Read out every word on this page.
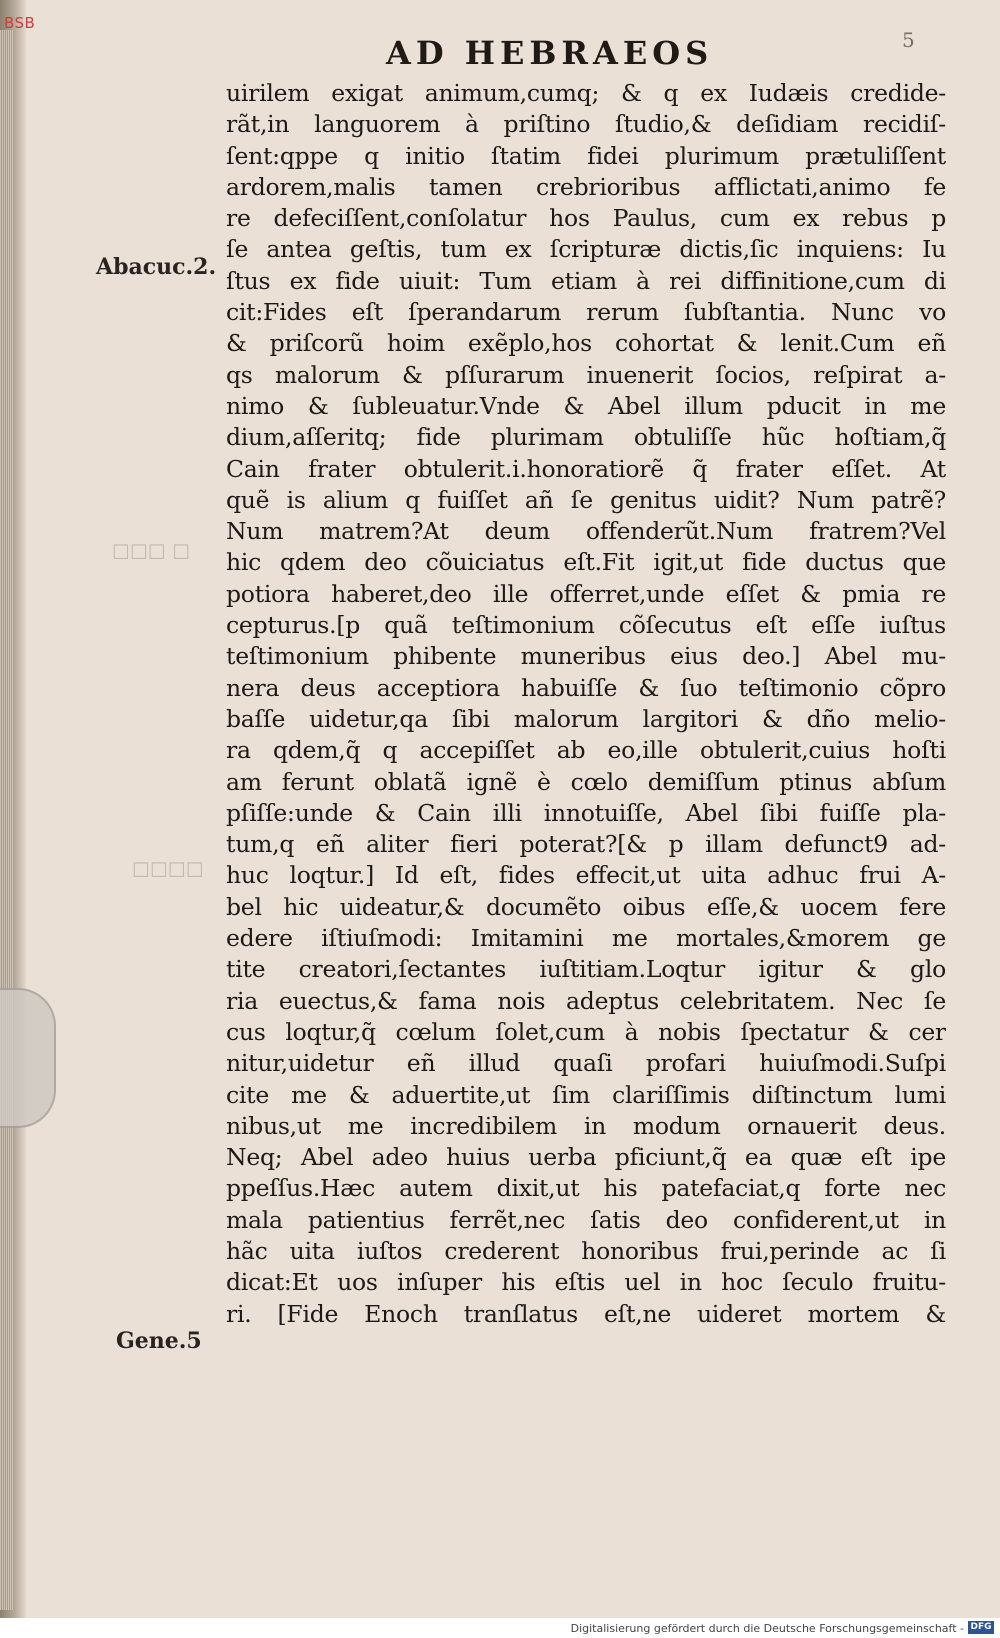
BSB
5
AD HEBRAEOS
☐ ☐☐☐
☐☐☐☐
Abacuc.2.
Gene.5
uirilem exigat animum,cumq; & q ex Iudæis credide-
rãt,in languorem à priſtino ſtudio,& deſidiam recidiſ-
ſent:qppe q initio ſtatim fidei plurimum prætuliſſent
ardorem,malis tamen crebrioribus afflictati,animo fe
re defeciſſent,conſolatur hos Paulus, cum ex rebus p
ſe antea geſtis, tum ex ſcripturæ dictis,ſic inquiens: Iu
ſtus ex fide uiuit: Tum etiam à rei diffinitione,cum di
cit:Fides eſt ſperandarum rerum ſubſtantia. Nunc vo
& priſcorũ hoim exẽplo,hos cohortat & lenit.Cum eñ
qs malorum & pſſurarum inuenerit ſocios, reſpirat a-
nimo & ſubleuatur.Vnde & Abel illum pducit in me
dium,aſſeritq; fide plurimam obtuliſſe hũc hoſtiam,q̃
Cain frater obtulerit.i.honoratiorẽ q̃ frater eſſet. At
quẽ is alium q fuiſſet añ ſe genitus uidit? Num patrẽ?
Num matrem?At deum offenderũt.Num fratrem?Vel
hic qdem deo cõuiciatus eſt.Fit igit,ut fide ductus que
potiora haberet,deo ille offerret,unde eſſet & pmia re
cepturus.[p quã teſtimonium cõſecutus eſt eſſe iuſtus
teſtimonium phibente muneribus eius deo.] Abel mu-
nera deus acceptiora habuiſſe & ſuo teſtimonio cõpro
baſſe uidetur,qa ſibi malorum largitori & dño melio-
ra qdem,q̃ q accepiſſet ab eo,ille obtulerit,cuius hoſti
am ferunt oblatã ignẽ è cœlo demiſſum ptinus abſum
pſiſſe:unde & Cain illi innotuiſſe, Abel ſibi fuiſſe pla-
tum,q eñ aliter fieri poterat?[& p illam defunct9 ad-
huc loqtur.] Id eſt, fides effecit,ut uita adhuc frui A-
bel hic uideatur,& documẽto oibus eſſe,& uocem fere
edere iſtiuſmodi: Imitamini me mortales,&morem ge
tite creatori,ſectantes iuſtitiam.Loqtur igitur & glo
ria euectus,& fama nois adeptus celebritatem. Nec ſe
cus loqtur,q̃ cœlum ſolet,cum à nobis ſpectatur & cer
nitur,uidetur eñ illud quaſi profari huiuſmodi.Suſpi
cite me & aduertite,ut ſim clariſſimis diſtinctum lumi
nibus,ut me incredibilem in modum ornauerit deus.
Neq; Abel adeo huius uerba pficiunt,q̃ ea quæ eſt ipe
ppeſſus.Hæc autem dixit,ut his patefaciat,q forte nec
mala patientius ferrẽt,nec ſatis deo confiderent,ut in
hãc uita iuſtos crederent honoribus frui,perinde ac ſi
dicat:Et uos inſuper his eſtis uel in hoc ſeculo fruitu-
ri. [Fide Enoch tranſlatus eſt,ne uideret mortem &
Digitalisierung gefördert durch die Deutsche Forschungsgemeinschaft - DFG
